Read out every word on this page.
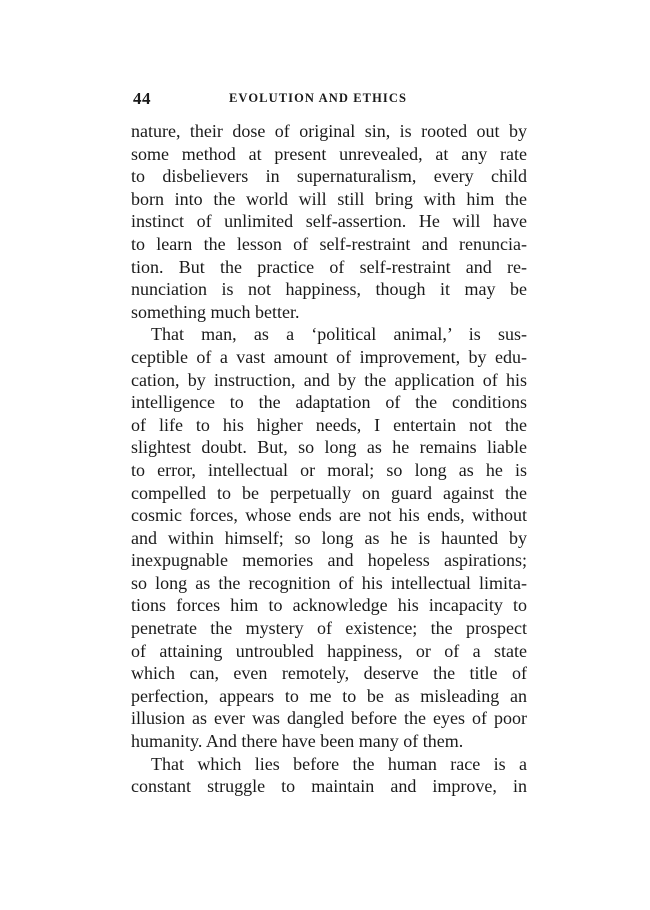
44	EVOLUTION AND ETHICS
nature, their dose of original sin, is rooted out by
some method at present unrevealed, at any rate
to disbelievers in supernaturalism, every child
born into the world will still bring with him the
instinct of unlimited self-assertion. He will have
to learn the lesson of self-restraint and renuncia-
tion. But the practice of self-restraint and re-
nunciation is not happiness, though it may be
something much better.
That man, as a ‘political animal,’ is sus-
ceptible of a vast amount of improvement, by edu-
cation, by instruction, and by the application of his
intelligence to the adaptation of the conditions
of life to his higher needs, I entertain not the
slightest doubt. But, so long as he remains liable
to error, intellectual or moral; so long as he is
compelled to be perpetually on guard against the
cosmic forces, whose ends are not his ends, without
and within himself; so long as he is haunted by
inexpugnable memories and hopeless aspirations;
so long as the recognition of his intellectual limita-
tions forces him to acknowledge his incapacity to
penetrate the mystery of existence; the prospect
of attaining untroubled happiness, or of a state
which can, even remotely, deserve the title of
perfection, appears to me to be as misleading an
illusion as ever was dangled before the eyes of poor
humanity. And there have been many of them.
That which lies before the human race is a
constant struggle to maintain and improve, in
